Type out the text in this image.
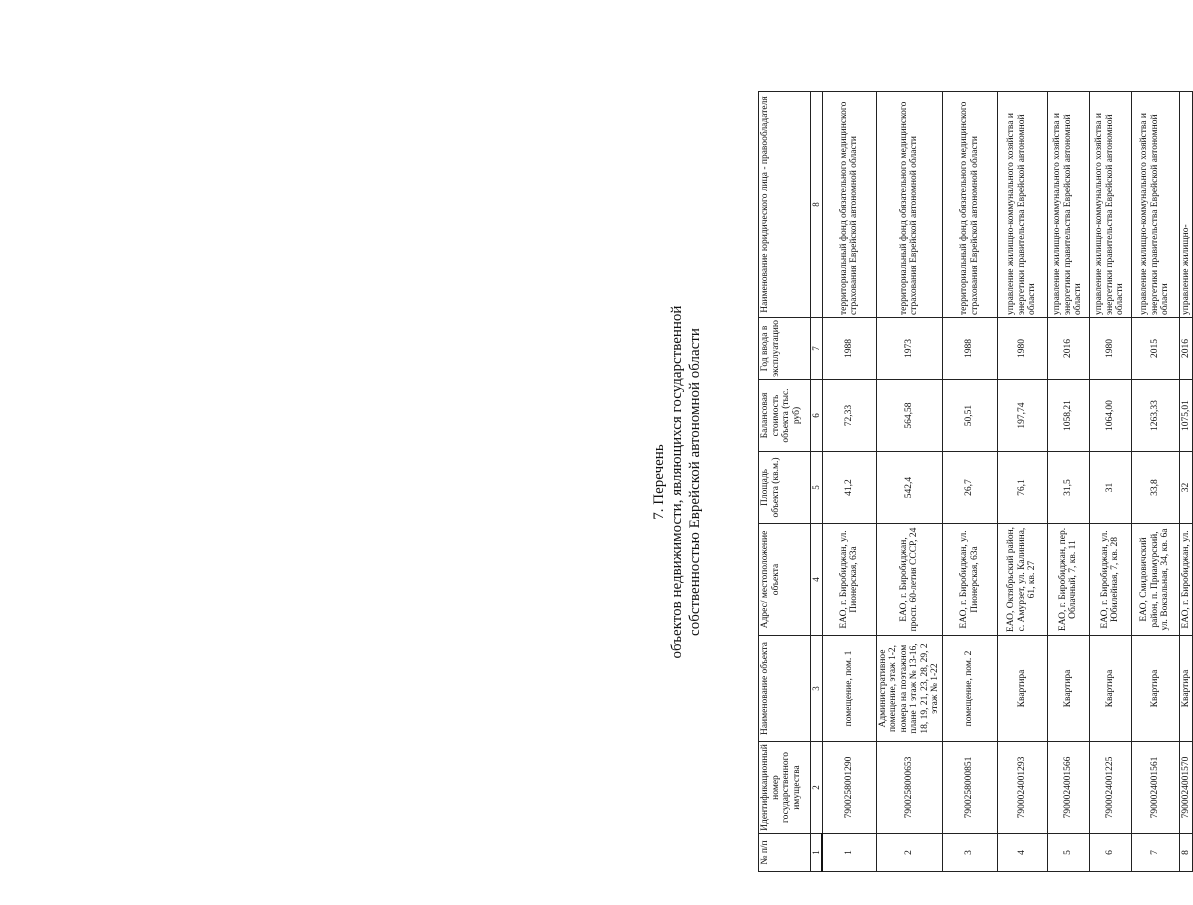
7. Перечень объектов недвижимости, являющихся государственной собственностью Еврейской автономной области
№ п/п	Идентификационный номер государственного имущества	Наименование объекта	Адрес/ местоположение объекта	Площадь объекта (кв.м.)	Балансовая стоимость объекта (тыс. руб)	Год ввода в эксплуатацию	Наименование юридического лица - правообладателя
1	2	3	4	5	6	7	8
1	7900258001290	помещение, пом. 1	ЕАО, г. Биробиджан, ул. Пионерская, 63а	41,2	72,33	1988	территориальный фонд обязательного медицинского страхования Еврейской автономной области
2	7900258000653	Административное помещение, этаж 1-2, номера на поэтажном плане 1 этаж № 13-16, 18, 19, 21, 23, 28, 29, 2 этаж № 1-22	ЕАО, г. Биробиджан, просп. 60-летия СССР, 24	542,4	564,58	1973	территориальный фонд обязательного медицинского страхования Еврейской автономной области
3	7900258000851	помещение, пом. 2	ЕАО, г. Биробиджан, ул. Пионерская, 63а	26,7	50,51	1988	территориальный фонд обязательного медицинского страхования Еврейской автономной области
4	7900024001293	Квартира	ЕАО, Октябрьский район, с. Амурзет, ул. Калинина, 61, кв. 27	76,1	197,74	1980	управление жилищно-коммунального хозяйства и энергетики правительства Еврейской автономной области
5	7900024001566	Квартира	ЕАО, г. Биробиджан, пер. Облачный, 7, кв. 11	31,5	1058,21	2016	управление жилищно-коммунального хозяйства и энергетики правительства Еврейской автономной области
6	7900024001225	Квартира	ЕАО, г. Биробиджан, ул. Юбилейная, 7, кв. 28	31	1064,00	1980	управление жилищно-коммунального хозяйства и энергетики правительства Еврейской автономной области
7	7900024001561	Квартира	ЕАО, Смидовичский район, п. Приамурский, ул. Вокзальная, 34, кв. 6а	33,8	1263,33	2015	управление жилищно-коммунального хозяйства и энергетики правительства Еврейской автономной области
8	7900024001570	Квартира	ЕАО, г. Биробиджан, ул.	32	1075,01	2016	управление жилищно-
